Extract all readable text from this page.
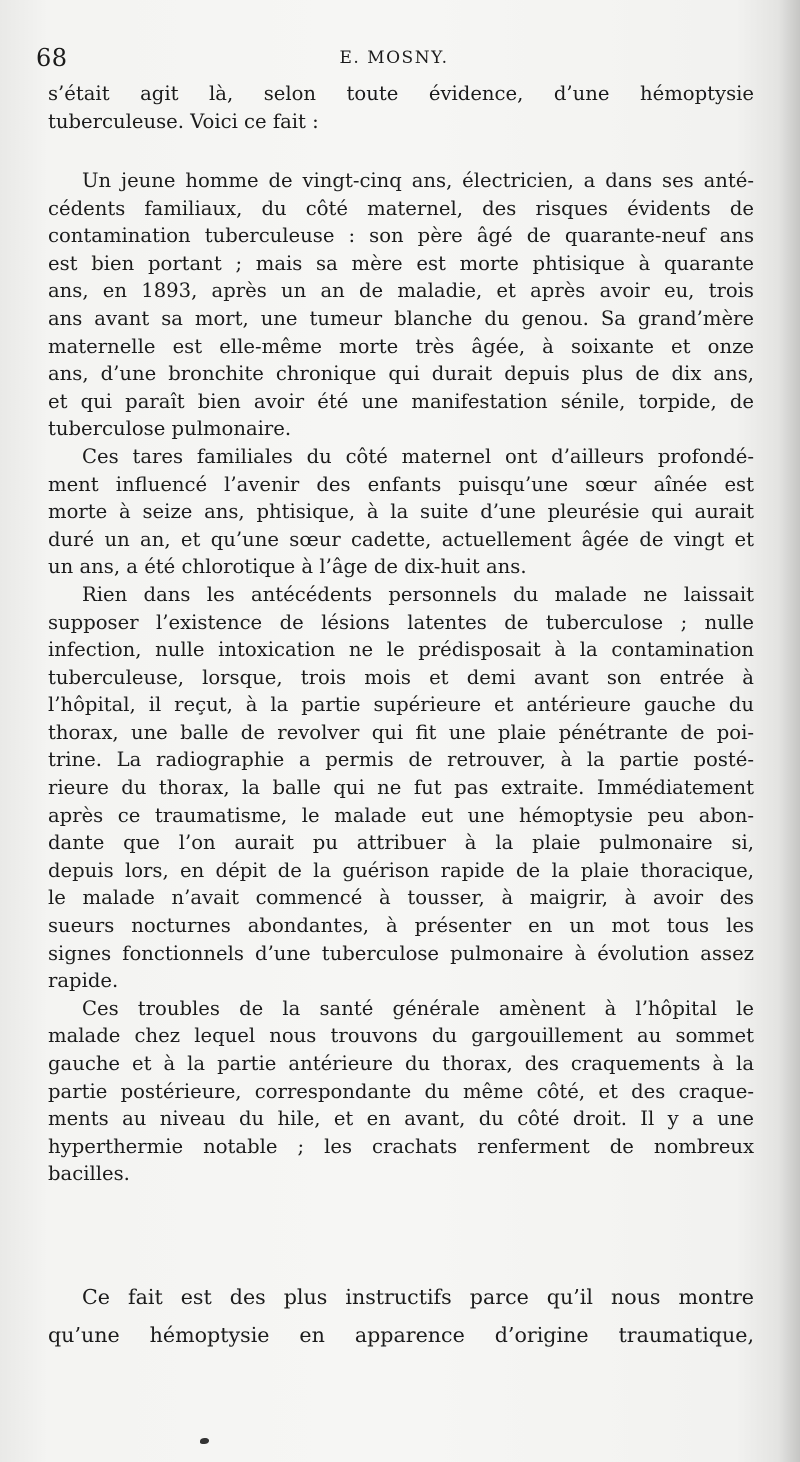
68	E. MOSNY.

s’était agit là, selon toute évidence, d’une hémoptysie

tuberculeuse. Voici ce fait :

Un jeune homme de vingt-cinq ans, électricien, a dans ses anté-

cédents familiaux, du côté maternel, des risques évidents de

contamination tuberculeuse : son père âgé de quarante-neuf ans

est bien portant ; mais sa mère est morte phtisique à quarante

ans, en 1893, après un an de maladie, et après avoir eu, trois

ans avant sa mort, une tumeur blanche du genou. Sa grand’mère

maternelle est elle-même morte très âgée, à soixante et onze

ans, d’une bronchite chronique qui durait depuis plus de dix ans,

et qui paraît bien avoir été une manifestation sénile, torpide, de

tuberculose pulmonaire.

Ces tares familiales du côté maternel ont d’ailleurs profondé-

ment influencé l’avenir des enfants puisqu’une sœur aînée est

morte à seize ans, phtisique, à la suite d’une pleurésie qui aurait

duré un an, et qu’une sœur cadette, actuellement âgée de vingt et

un ans, a été chlorotique à l’âge de dix-huit ans.

Rien dans les antécédents personnels du malade ne laissait

supposer l’existence de lésions latentes de tuberculose ; nulle

infection, nulle intoxication ne le prédisposait à la contamination

tuberculeuse, lorsque, trois mois et demi avant son entrée à

l’hôpital, il reçut, à la partie supérieure et antérieure gauche du

thorax, une balle de revolver qui fit une plaie pénétrante de poi-

trine. La radiographie a permis de retrouver, à la partie posté-

rieure du thorax, la balle qui ne fut pas extraite. Immédiatement

après ce traumatisme, le malade eut une hémoptysie peu abon-

dante que l’on aurait pu attribuer à la plaie pulmonaire si,

depuis lors, en dépit de la guérison rapide de la plaie thoracique,

le malade n’avait commencé à tousser, à maigrir, à avoir des

sueurs nocturnes abondantes, à présenter en un mot tous les

signes fonctionnels d’une tuberculose pulmonaire à évolution assez

rapide.

Ces troubles de la santé générale amènent à l’hôpital le

malade chez lequel nous trouvons du gargouillement au sommet

gauche et à la partie antérieure du thorax, des craquements à la

partie postérieure, correspondante du même côté, et des craque-

ments au niveau du hile, et en avant, du côté droit. Il y a une

hyperthermie notable ; les crachats renferment de nombreux

bacilles.

Ce fait est des plus instructifs parce qu’il nous montre

qu’une hémoptysie en apparence d’origine traumatique,
